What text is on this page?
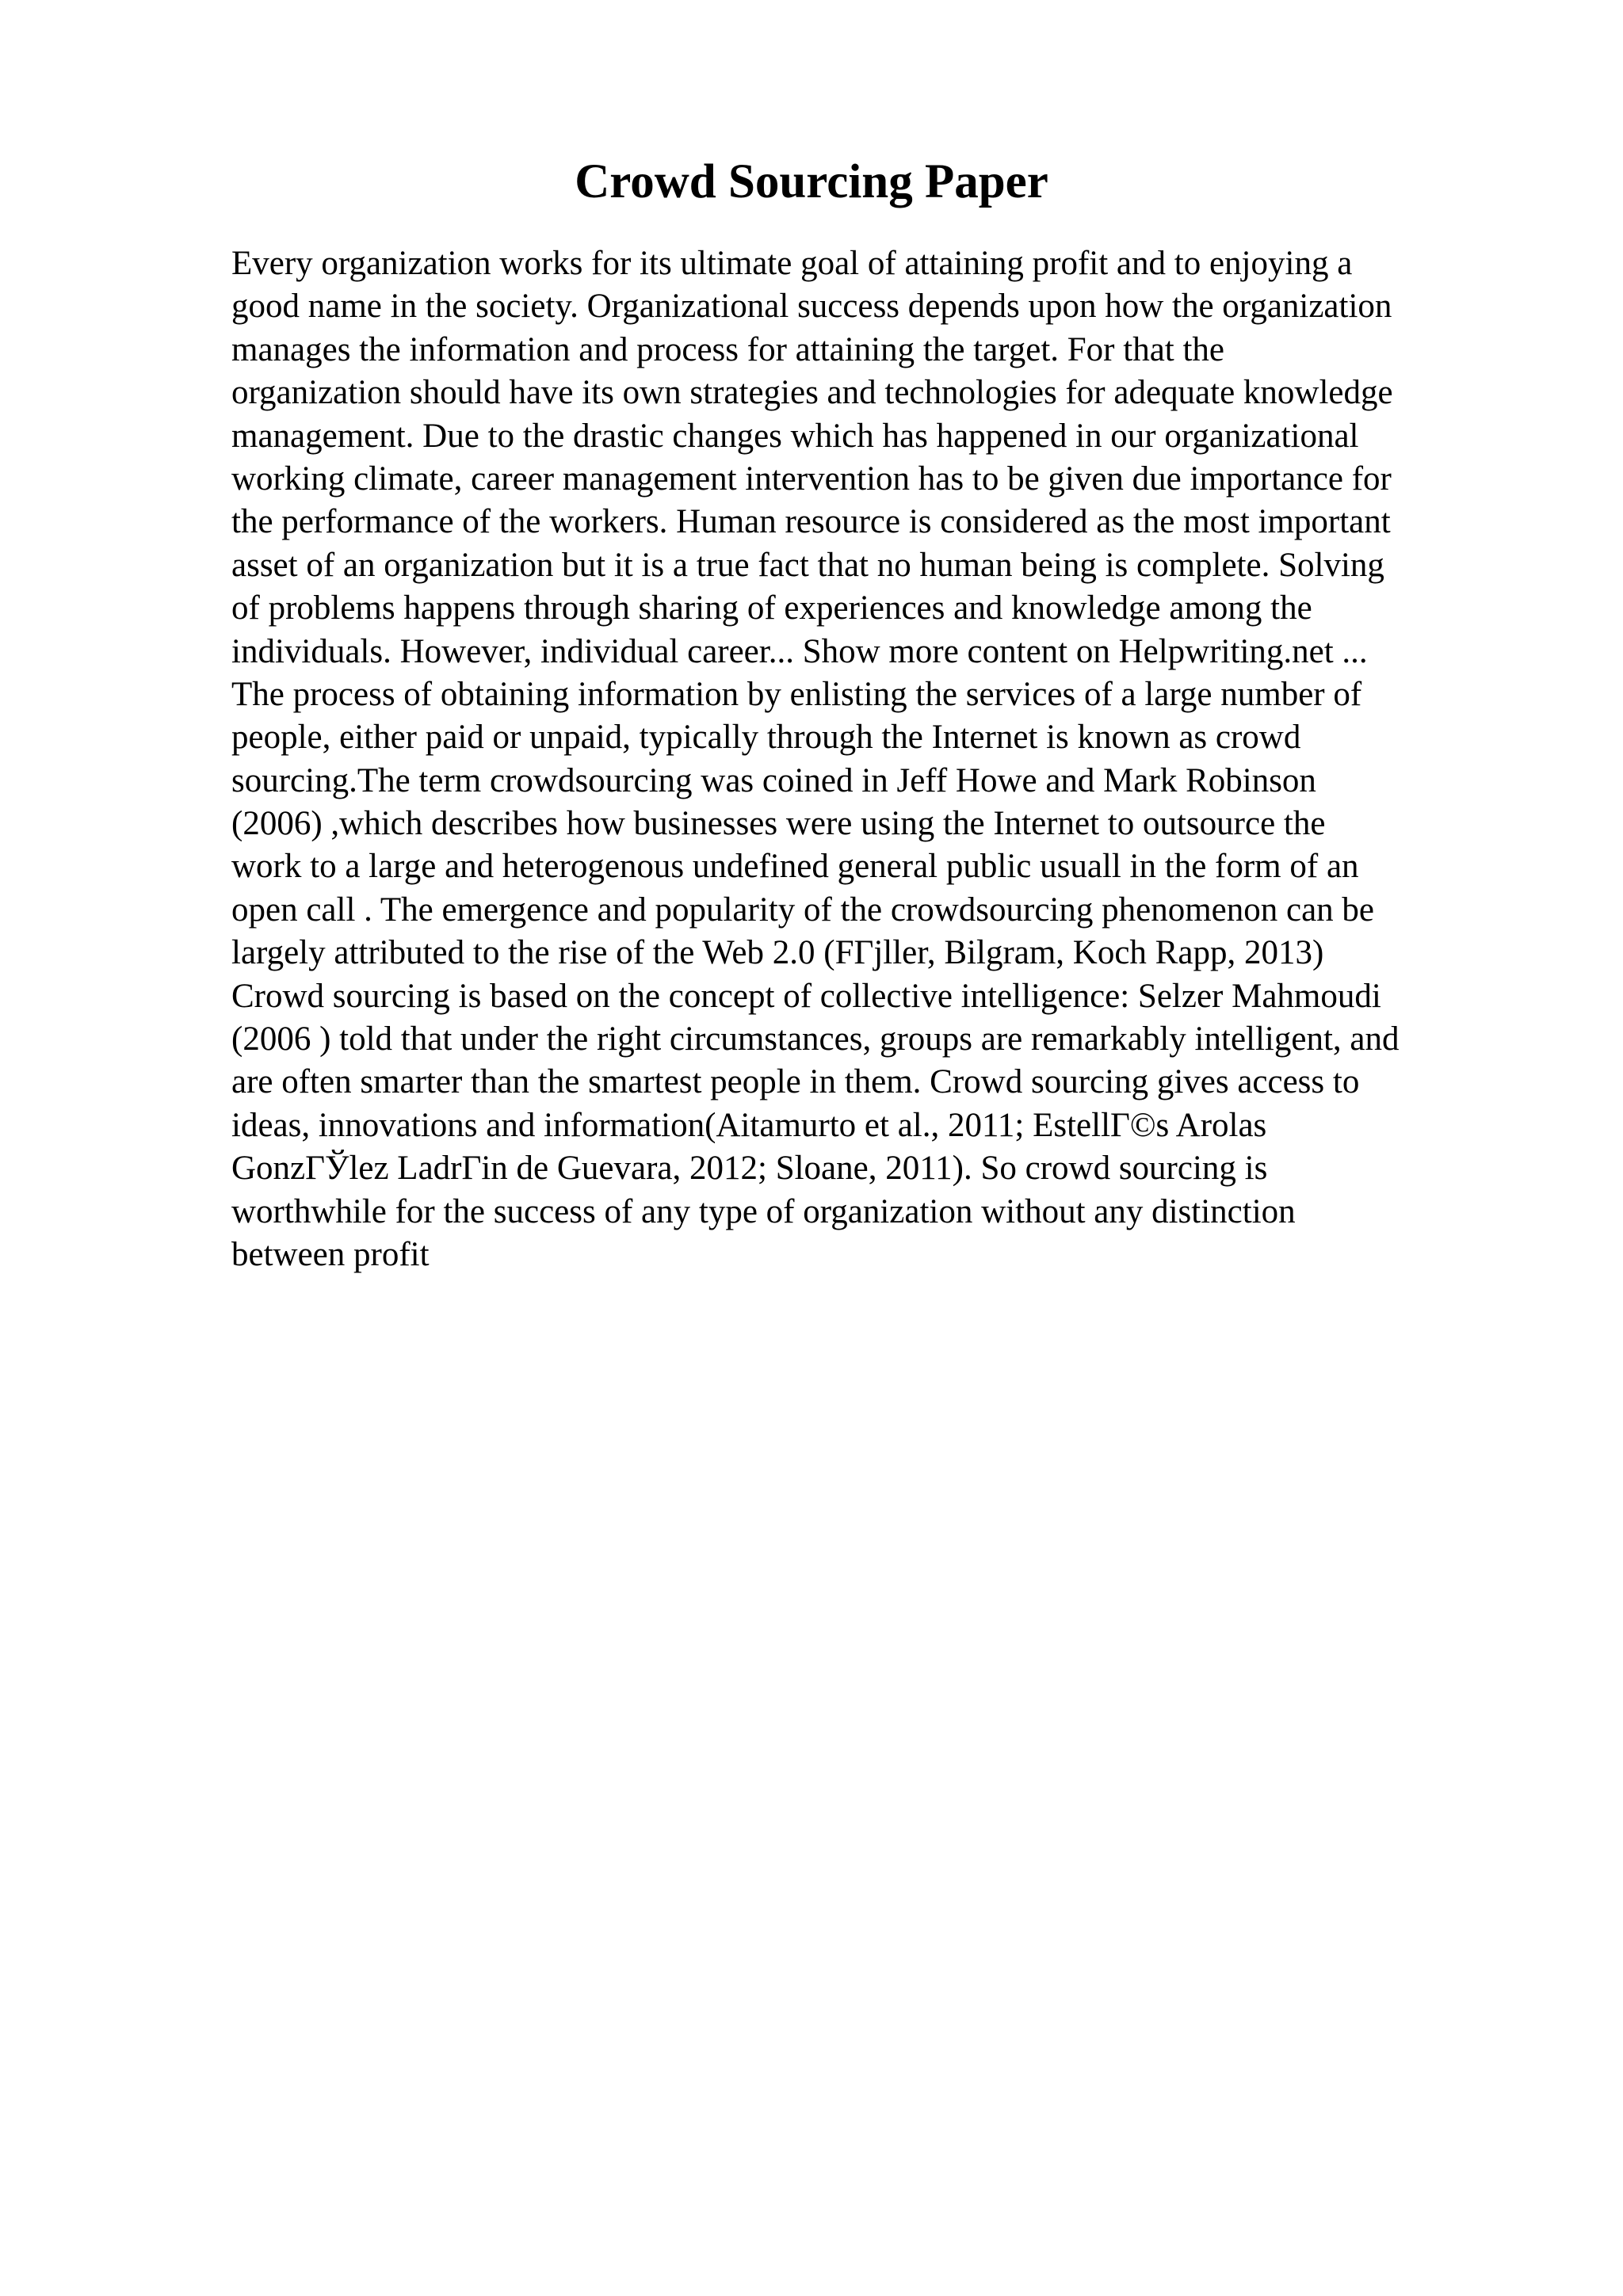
Crowd Sourcing Paper
Every organization works for its ultimate goal of attaining profit and to enjoying a
good name in the society. Organizational success depends upon how the organization
manages the information and process for attaining the target. For that the
organization should have its own strategies and technologies for adequate knowledge
management. Due to the drastic changes which has happened in our organizational
working climate, career management intervention has to be given due importance for
the performance of the workers. Human resource is considered as the most important
asset of an organization but it is a true fact that no human being is complete. Solving
of problems happens through sharing of experiences and knowledge among the
individuals. However, individual career... Show more content on Helpwriting.net ...
The process of obtaining information by enlisting the services of a large number of
people, either paid or unpaid, typically through the Internet is known as crowd
sourcing.The term crowdsourcing was coined in Jeff Howe and Mark Robinson
(2006) ,which describes how businesses were using the Internet to outsource the
work to a large and heterogenous undefined general public usuall in the form of an
open call . The emergence and popularity of the crowdsourcing phenomenon can be
largely attributed to the rise of the Web 2.0 (FГjller, Bilgram, Koch Rapp, 2013)
Crowd sourcing is based on the concept of collective intelligence: Selzer Mahmoudi
(2006 ) told that under the right circumstances, groups are remarkably intelligent, and
are often smarter than the smartest people in them. Crowd sourcing gives access to
ideas, innovations and information(Aitamurto et al., 2011; EstellГ©s Arolas
GonzГЎlez LadrГin de Guevara, 2012; Sloane, 2011). So crowd sourcing is
worthwhile for the success of any type of organization without any distinction
between profit
